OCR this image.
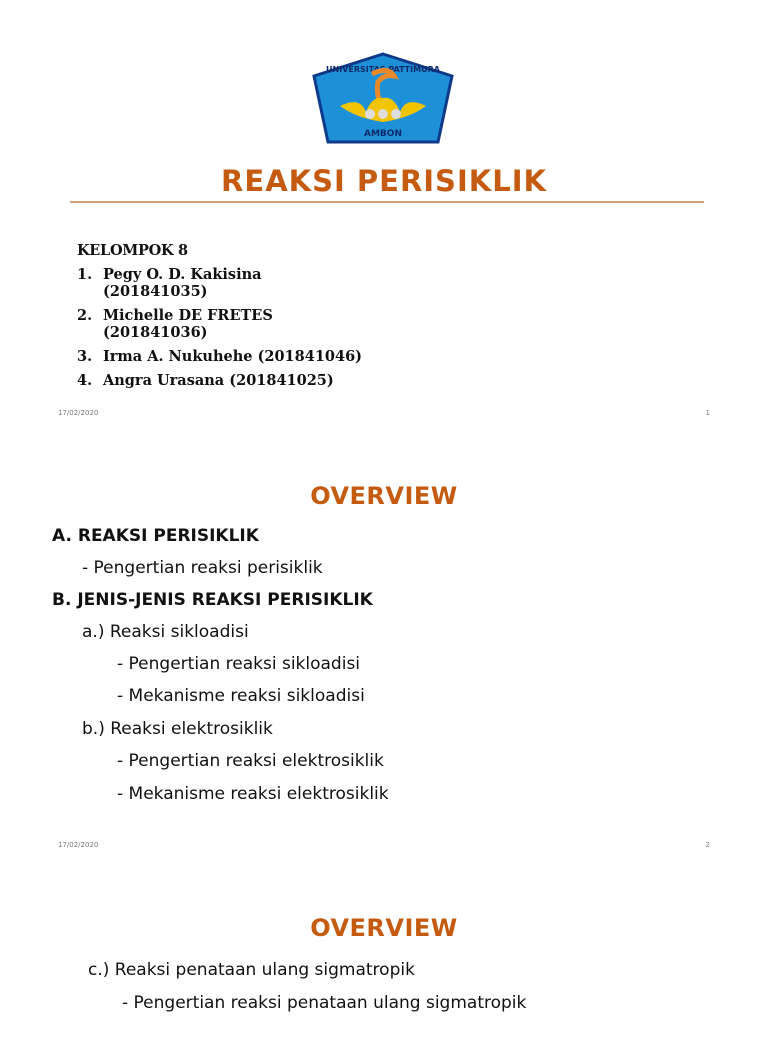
UNIVERSITAS PATTIMURA
AMBON
REAKSI PERISIKLIK
KELOMPOK 8
1. Pegy O. D. Kakisina (201841035)
2. Michelle DE FRETES (201841036)
3. Irma A. Nukuhehe (201841046)
4. Angra Urasana (201841025)
17/02/2020	1
OVERVIEW
A. REAKSI PERISIKLIK
- Pengertian reaksi perisiklik
B. JENIS-JENIS REAKSI PERISIKLIK
a.) Reaksi sikloadisi
- Pengertian reaksi sikloadisi
- Mekanisme reaksi sikloadisi
b.) Reaksi elektrosiklik
- Pengertian reaksi elektrosiklik
- Mekanisme reaksi elektrosiklik
17/02/2020	2
OVERVIEW
c.) Reaksi penataan ulang sigmatropik
- Pengertian reaksi penataan ulang sigmatropik
